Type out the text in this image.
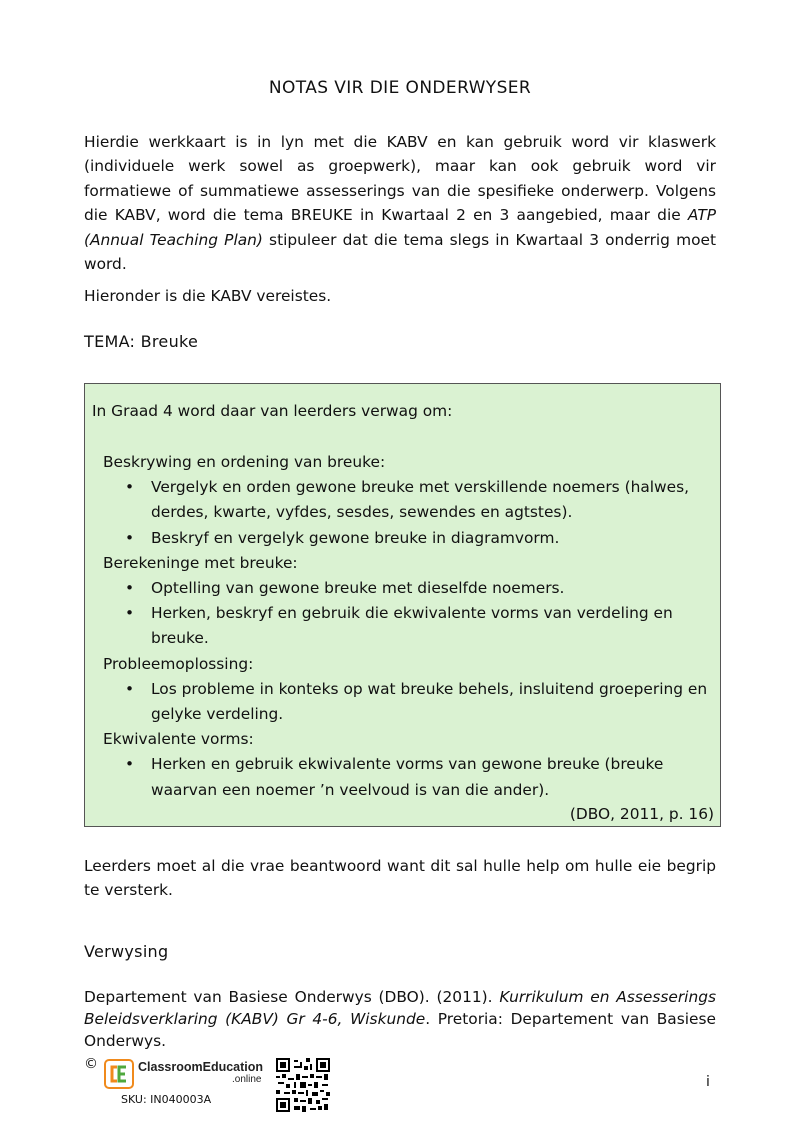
NOTAS VIR DIE ONDERWYSER

Hierdie werkkaart is in lyn met die KABV en kan gebruik word vir klaswerk (individuele werk sowel as groepwerk), maar kan ook gebruik word vir formatiewe of summatiewe assesserings van die spesifieke onderwerp. Volgens die KABV, word die tema BREUKE in Kwartaal 2 en 3 aangebied, maar die ATP (Annual Teaching Plan) stipuleer dat die tema slegs in Kwartaal 3 onderrig moet word.

Hieronder is die KABV vereistes.

TEMA: Breuke
In Graad 4 word daar van leerders verwag om:
Beskrywing en ordening van breuke:
• Vergelyk en orden gewone breuke met verskillende noemers (halwes, derdes, kwarte, vyfdes, sesdes, sewendes en agtstes).
• Beskryf en vergelyk gewone breuke in diagramvorm.
Berekeninge met breuke:
• Optelling van gewone breuke met dieselfde noemers.
• Herken, beskryf en gebruik die ekwivalente vorms van verdeling en breuke.
Probleemoplossing:
• Los probleme in konteks op wat breuke behels, insluitend groepering en gelyke verdeling.
Ekwivalente vorms:
• Herken en gebruik ekwivalente vorms van gewone breuke (breuke waarvan een noemer ’n veelvoud is van die ander).
(DBO, 2011, p. 16)

Leerders moet al die vrae beantwoord want dit sal hulle help om hulle eie begrip te versterk.

Verwysing

Departement van Basiese Onderwys (DBO). (2011). Kurrikulum en Assesserings Beleidsverklaring (KABV) Gr 4-6, Wiskunde. Pretoria: Departement van Basiese Onderwys.

©	ClassroomEducation
.online
SKU: IN040003A
i
